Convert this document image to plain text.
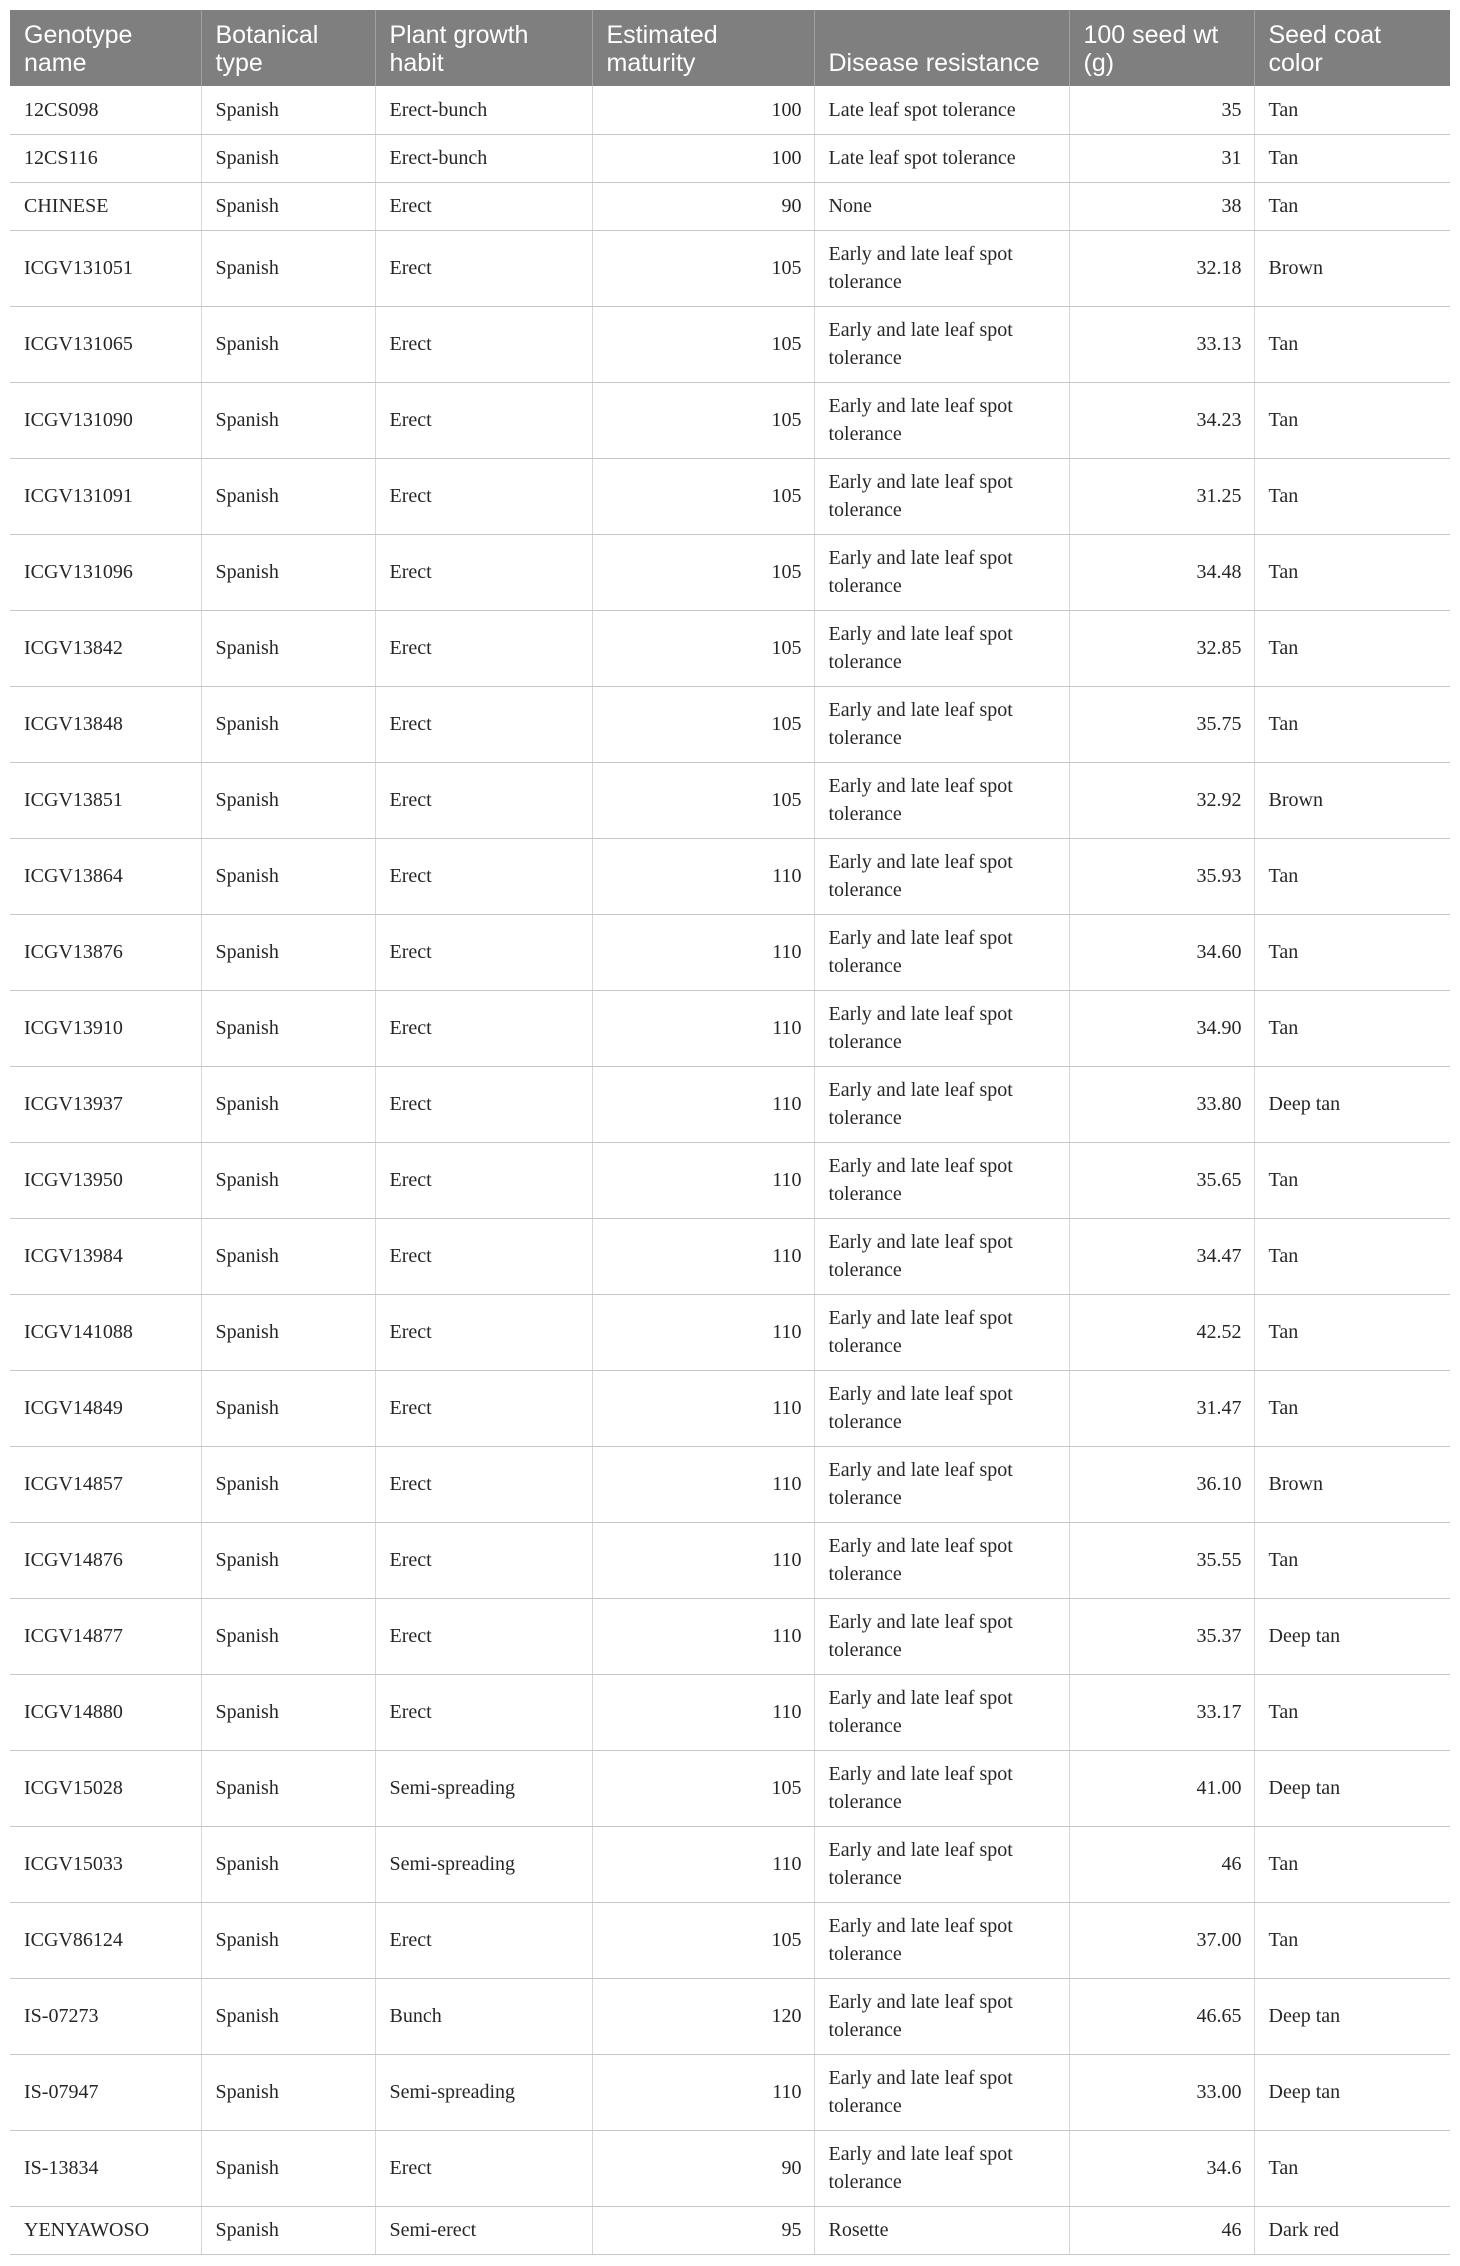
Genotype name	Botanical type	Plant growth habit	Estimated maturity	Disease resistance	100 seed wt (g)	Seed coat color
12CS098	Spanish	Erect-bunch	100	Late leaf spot tolerance	35	Tan
12CS116	Spanish	Erect-bunch	100	Late leaf spot tolerance	31	Tan
CHINESE	Spanish	Erect	90	None	38	Tan
ICGV131051	Spanish	Erect	105	Early and late leaf spot tolerance	32.18	Brown
ICGV131065	Spanish	Erect	105	Early and late leaf spot tolerance	33.13	Tan
ICGV131090	Spanish	Erect	105	Early and late leaf spot tolerance	34.23	Tan
ICGV131091	Spanish	Erect	105	Early and late leaf spot tolerance	31.25	Tan
ICGV131096	Spanish	Erect	105	Early and late leaf spot tolerance	34.48	Tan
ICGV13842	Spanish	Erect	105	Early and late leaf spot tolerance	32.85	Tan
ICGV13848	Spanish	Erect	105	Early and late leaf spot tolerance	35.75	Tan
ICGV13851	Spanish	Erect	105	Early and late leaf spot tolerance	32.92	Brown
ICGV13864	Spanish	Erect	110	Early and late leaf spot tolerance	35.93	Tan
ICGV13876	Spanish	Erect	110	Early and late leaf spot tolerance	34.60	Tan
ICGV13910	Spanish	Erect	110	Early and late leaf spot tolerance	34.90	Tan
ICGV13937	Spanish	Erect	110	Early and late leaf spot tolerance	33.80	Deep tan
ICGV13950	Spanish	Erect	110	Early and late leaf spot tolerance	35.65	Tan
ICGV13984	Spanish	Erect	110	Early and late leaf spot tolerance	34.47	Tan
ICGV141088	Spanish	Erect	110	Early and late leaf spot tolerance	42.52	Tan
ICGV14849	Spanish	Erect	110	Early and late leaf spot tolerance	31.47	Tan
ICGV14857	Spanish	Erect	110	Early and late leaf spot tolerance	36.10	Brown
ICGV14876	Spanish	Erect	110	Early and late leaf spot tolerance	35.55	Tan
ICGV14877	Spanish	Erect	110	Early and late leaf spot tolerance	35.37	Deep tan
ICGV14880	Spanish	Erect	110	Early and late leaf spot tolerance	33.17	Tan
ICGV15028	Spanish	Semi-spreading	105	Early and late leaf spot tolerance	41.00	Deep tan
ICGV15033	Spanish	Semi-spreading	110	Early and late leaf spot tolerance	46	Tan
ICGV86124	Spanish	Erect	105	Early and late leaf spot tolerance	37.00	Tan
IS-07273	Spanish	Bunch	120	Early and late leaf spot tolerance	46.65	Deep tan
IS-07947	Spanish	Semi-spreading	110	Early and late leaf spot tolerance	33.00	Deep tan
IS-13834	Spanish	Erect	90	Early and late leaf spot tolerance	34.6	Tan
YENYAWOSO	Spanish	Semi-erect	95	Rosette	46	Dark red
